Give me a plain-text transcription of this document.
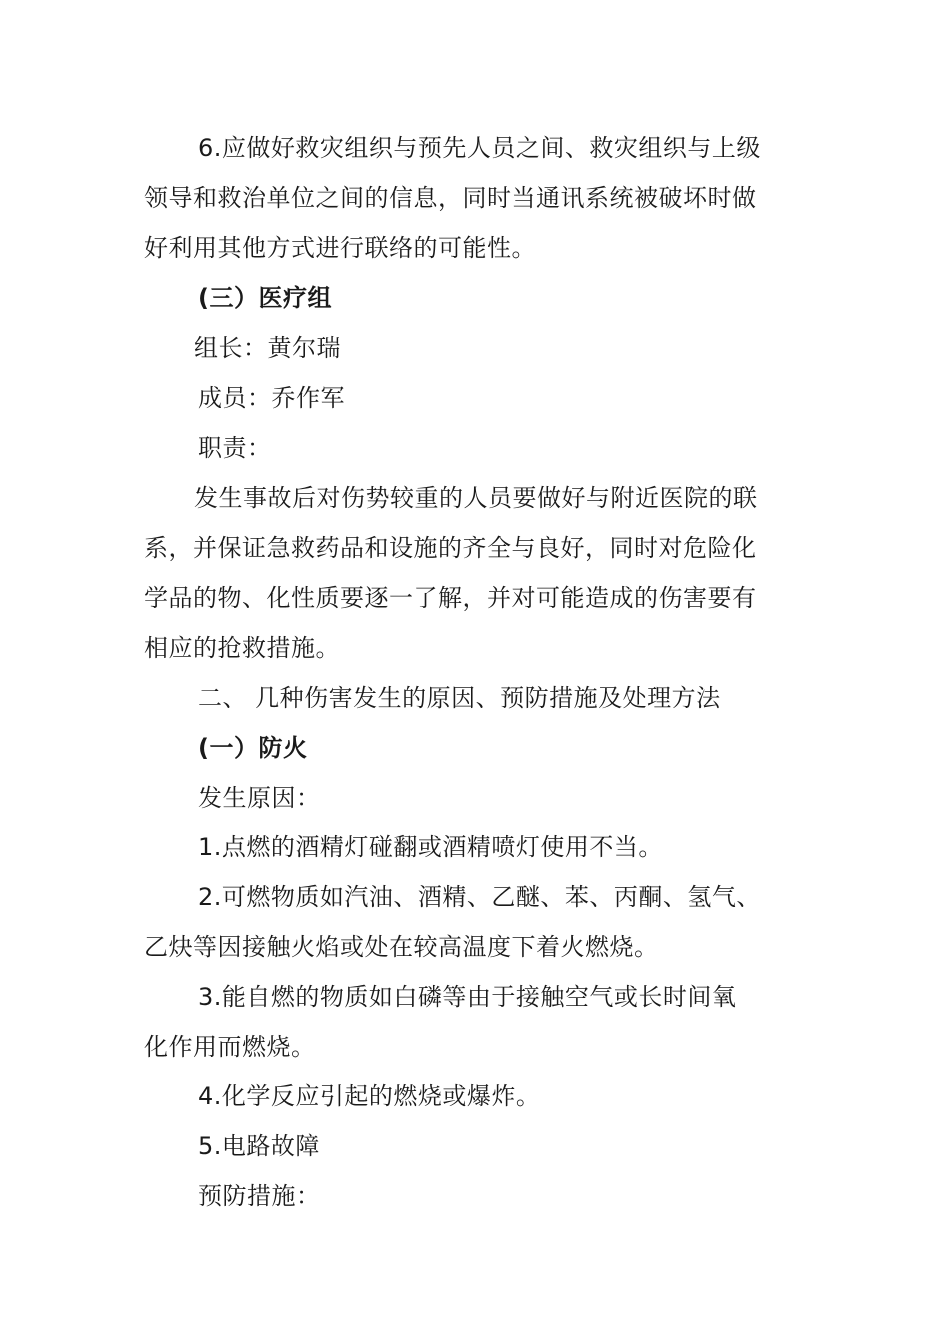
6.应做好救灾组织与预先人员之间、救灾组织与上级
领导和救治单位之间的信息，同时当通讯系统被破坏时做
好利用其他方式进行联络的可能性。
(三）医疗组
组长：黄尔瑞
成员：乔作军
职责：
发生事故后对伤势较重的人员要做好与附近医院的联
系，并保证急救药品和设施的齐全与良好，同时对危险化
学品的物、化性质要逐一了解，并对可能造成的伤害要有
相应的抢救措施。
二、 几种伤害发生的原因、预防措施及处理方法
(一）防火
发生原因：
1.点燃的酒精灯碰翻或酒精喷灯使用不当。
2.可燃物质如汽油、酒精、乙醚、苯、丙酮、氢气、
乙炔等因接触火焰或处在较高温度下着火燃烧。
3.能自燃的物质如白磷等由于接触空气或长时间氧
化作用而燃烧。
4.化学反应引起的燃烧或爆炸。
5.电路故障
预防措施：
